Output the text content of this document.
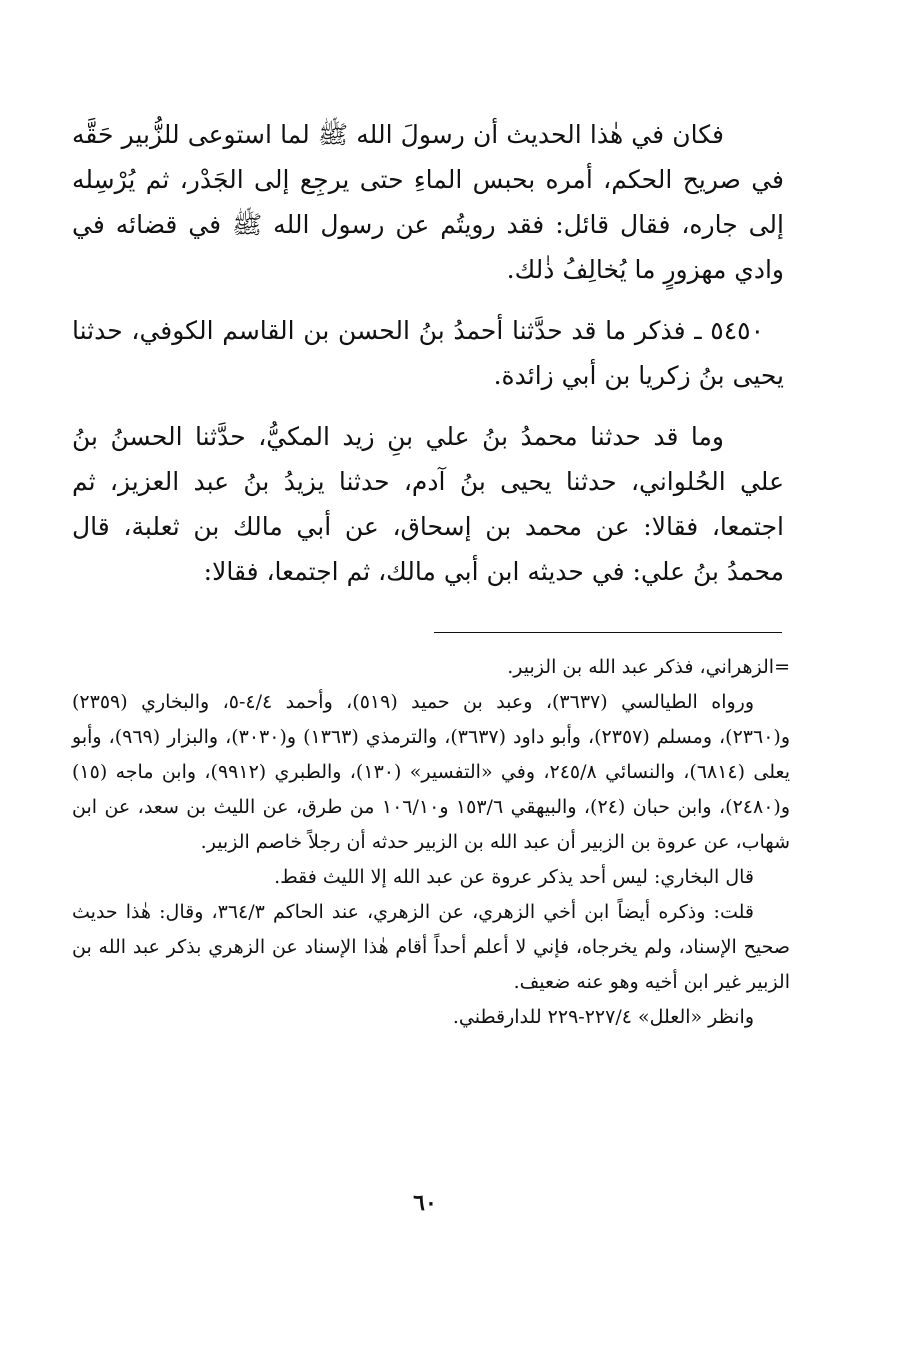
فكان في هٰذا الحديث أن رسولَ الله ﷺ لما استوعى للزُّبير حَقَّه في صريح الحكم، أمره بحبس الماءِ حتى يرجِع إلى الجَدْر، ثم يُرْسِله إلى جاره، فقال قائل: فقد رويتُم عن رسول الله ﷺ في قضائه في وادي مهزورٍ ما يُخالِفُ ذٰلك.

٥٤٥٠ ـ فذكر ما قد حدَّثنا أحمدُ بنُ الحسن بن القاسم الكوفي، حدثنا يحيى بنُ زكريا بن أبي زائدة.

وما قد حدثنا محمدُ بنُ علي بنِ زيد المكيُّ، حدَّثنا الحسنُ بنُ علي الحُلواني، حدثنا يحيى بنُ آدم، حدثنا يزيدُ بنُ عبد العزيز، ثم اجتمعا، فقالا: عن محمد بن إسحاق، عن أبي مالك بن ثعلبة، قال محمدُ بنُ علي: في حديثه ابن أبي مالك، ثم اجتمعا، فقالا:

=الزهراني، فذكر عبد الله بن الزبير.

ورواه الطيالسي (٣٦٣٧)، وعبد بن حميد (٥١٩)، وأحمد ٤/٤-٥، والبخاري (٢٣٥٩) و(٢٣٦٠)، ومسلم (٢٣٥٧)، وأبو داود (٣٦٣٧)، والترمذي (١٣٦٣) و(٣٠٣٠)، والبزار (٩٦٩)، وأبو يعلى (٦٨١٤)، والنسائي ٢٤٥/٨، وفي «التفسير» (١٣٠)، والطبري (٩٩١٢)، وابن ماجه (١٥) و(٢٤٨٠)، وابن حبان (٢٤)، والبيهقي ١٥٣/٦ و١٠٦/١٠ من طرق، عن الليث بن سعد، عن ابن شهاب، عن عروة بن الزبير أن عبد الله بن الزبير حدثه أن رجلاً خاصم الزبير.

قال البخاري: ليس أحد يذكر عروة عن عبد الله إلا الليث فقط.

قلت: وذكره أيضاً ابن أخي الزهري، عن الزهري، عند الحاكم ٣٦٤/٣، وقال: هٰذا حديث صحيح الإسناد، ولم يخرجاه، فإني لا أعلم أحداً أقام هٰذا الإسناد عن الزهري بذكر عبد الله بن الزبير غير ابن أخيه وهو عنه ضعيف.

وانظر «العلل» ٢٢٧/٤-٢٢٩ للدارقطني.

٦٠
